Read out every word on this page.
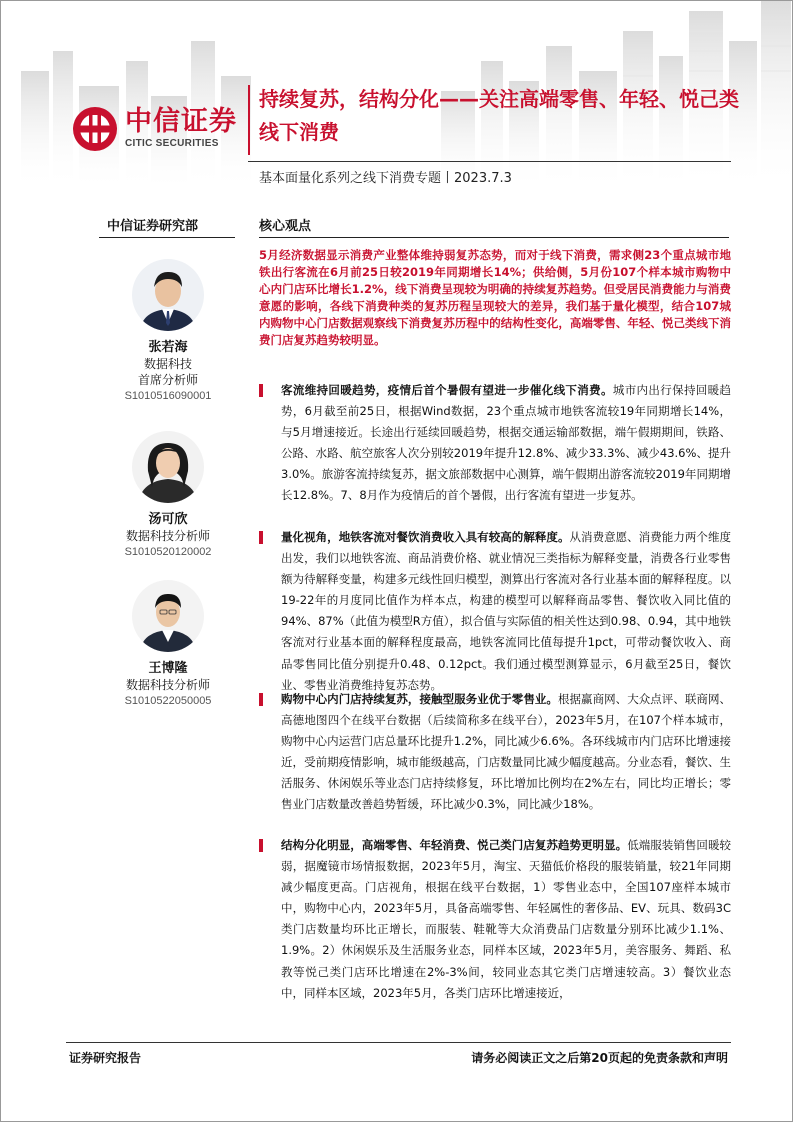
中信证券
CITIC SECURITIES
持续复苏，结构分化——关注高端零售、年轻、悦己类线下消费
基本面量化系列之线下消费专题丨2023.7.3
中信证券研究部	核心观点
张若海
数据科技
首席分析师
S1010516090001
汤可欣
数据科技分析师
S1010520120002
王博隆
数据科技分析师
S1010522050005
5月经济数据显示消费产业整体维持弱复苏态势，而对于线下消费，需求侧23个重点城市地铁出行客流在6月前25日较2019年同期增长14%；供给侧，5月份107个样本城市购物中心内门店环比增长1.2%，线下消费呈现较为明确的持续复苏趋势。但受居民消费能力与消费意愿的影响，各线下消费种类的复苏历程呈现较大的差异，我们基于量化模型，结合107城内购物中心门店数据观察线下消费复苏历程中的结构性变化，高端零售、年轻、悦己类线下消费门店复苏趋势较明显。
客流维持回暖趋势，疫情后首个暑假有望进一步催化线下消费。城市内出行保持回暖趋势，6月截至前25日，根据Wind数据，23个重点城市地铁客流较19年同期增长14%，与5月增速接近。长途出行延续回暖趋势，根据交通运输部数据，端午假期期间，铁路、公路、水路、航空旅客人次分别较2019年提升12.8%、减少33.3%、减少43.6%、提升3.0%。旅游客流持续复苏，据文旅部数据中心测算，端午假期出游客流较2019年同期增长12.8%。7、8月作为疫情后的首个暑假，出行客流有望进一步复苏。
量化视角，地铁客流对餐饮消费收入具有较高的解释度。从消费意愿、消费能力两个维度出发，我们以地铁客流、商品消费价格、就业情况三类指标为解释变量，消费各行业零售额为待解释变量，构建多元线性回归模型，测算出行客流对各行业基本面的解释程度。以19-22年的月度同比值作为样本点，构建的模型可以解释商品零售、餐饮收入同比值的94%、87%（此值为模型R方值），拟合值与实际值的相关性达到0.98、0.94，其中地铁客流对行业基本面的解释程度最高，地铁客流同比值每提升1pct，可带动餐饮收入、商品零售同比值分别提升0.48、0.12pct。我们通过模型测算显示，6月截至25日，餐饮业、零售业消费维持复苏态势。
购物中心内门店持续复苏，接触型服务业优于零售业。根据赢商网、大众点评、联商网、高德地图四个在线平台数据（后续简称多在线平台），2023年5月，在107个样本城市，购物中心内运营门店总量环比提升1.2%，同比减少6.6%。各环线城市内门店环比增速接近，受前期疫情影响，城市能级越高，门店数量同比减少幅度越高。分业态看，餐饮、生活服务、休闲娱乐等业态门店持续修复，环比增加比例均在2%左右，同比均正增长；零售业门店数量改善趋势暂缓，环比减少0.3%，同比减少18%。
结构分化明显，高端零售、年轻消费、悦己类门店复苏趋势更明显。低端服装销售回暖较弱，据魔镜市场情报数据，2023年5月，淘宝、天猫低价格段的服装销量，较21年同期减少幅度更高。门店视角，根据在线平台数据，1）零售业态中，全国107座样本城市中，购物中心内，2023年5月，具备高端零售、年轻属性的奢侈品、EV、玩具、数码3C类门店数量均环比正增长，而服装、鞋靴等大众消费品门店数量分别环比减少1.1%、1.9%。2）休闲娱乐及生活服务业态，同样本区域，2023年5月，美容服务、舞蹈、私教等悦己类门店环比增速在2%-3%间，较同业态其它类门店增速较高。3）餐饮业态中，同样本区域，2023年5月，各类门店环比增速接近，
证券研究报告	请务必阅读正文之后第20页起的免责条款和声明
